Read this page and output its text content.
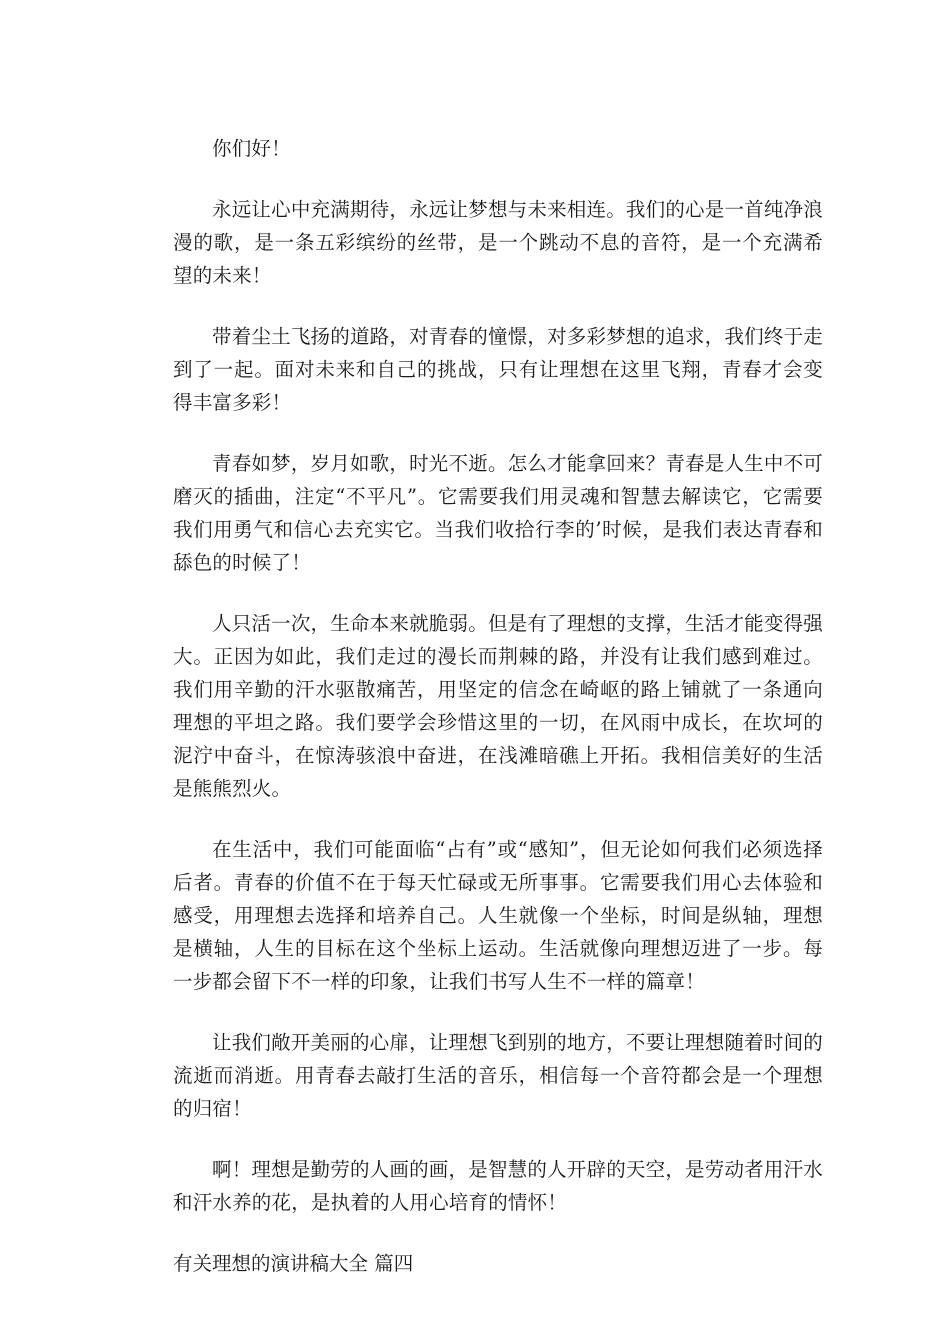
你们好！

永远让心中充满期待，永远让梦想与未来相连。我们的心是一首纯净浪漫的歌，是一条五彩缤纷的丝带，是一个跳动不息的音符，是一个充满希望的未来！

带着尘土飞扬的道路，对青春的憧憬，对多彩梦想的追求，我们终于走到了一起。面对未来和自己的挑战，只有让理想在这里飞翔，青春才会变得丰富多彩！

青春如梦，岁月如歌，时光不逝。怎么才能拿回来？青春是人生中不可磨灭的插曲，注定“不平凡”。它需要我们用灵魂和智慧去解读它，它需要我们用勇气和信心去充实它。当我们收拾行李的’时候，是我们表达青春和舔色的时候了！

人只活一次，生命本来就脆弱。但是有了理想的支撑，生活才能变得强大。正因为如此，我们走过的漫长而荆棘的路，并没有让我们感到难过。我们用辛勤的汗水驱散痛苦，用坚定的信念在崎岖的路上铺就了一条通向理想的平坦之路。我们要学会珍惜这里的一切，在风雨中成长，在坎坷的泥泞中奋斗，在惊涛骇浪中奋进，在浅滩暗礁上开拓。我相信美好的生活是熊熊烈火。

在生活中，我们可能面临“占有”或“感知”，但无论如何我们必须选择后者。青春的价值不在于每天忙碌或无所事事。它需要我们用心去体验和感受，用理想去选择和培养自己。人生就像一个坐标，时间是纵轴，理想是横轴，人生的目标在这个坐标上运动。生活就像向理想迈进了一步。每一步都会留下不一样的印象，让我们书写人生不一样的篇章！

让我们敞开美丽的心扉，让理想飞到别的地方，不要让理想随着时间的流逝而消逝。用青春去敲打生活的音乐，相信每一个音符都会是一个理想的归宿！

啊！理想是勤劳的人画的画，是智慧的人开辟的天空，是劳动者用汗水和汗水养的花，是执着的人用心培育的情怀！

有关理想的演讲稿大全 篇四
